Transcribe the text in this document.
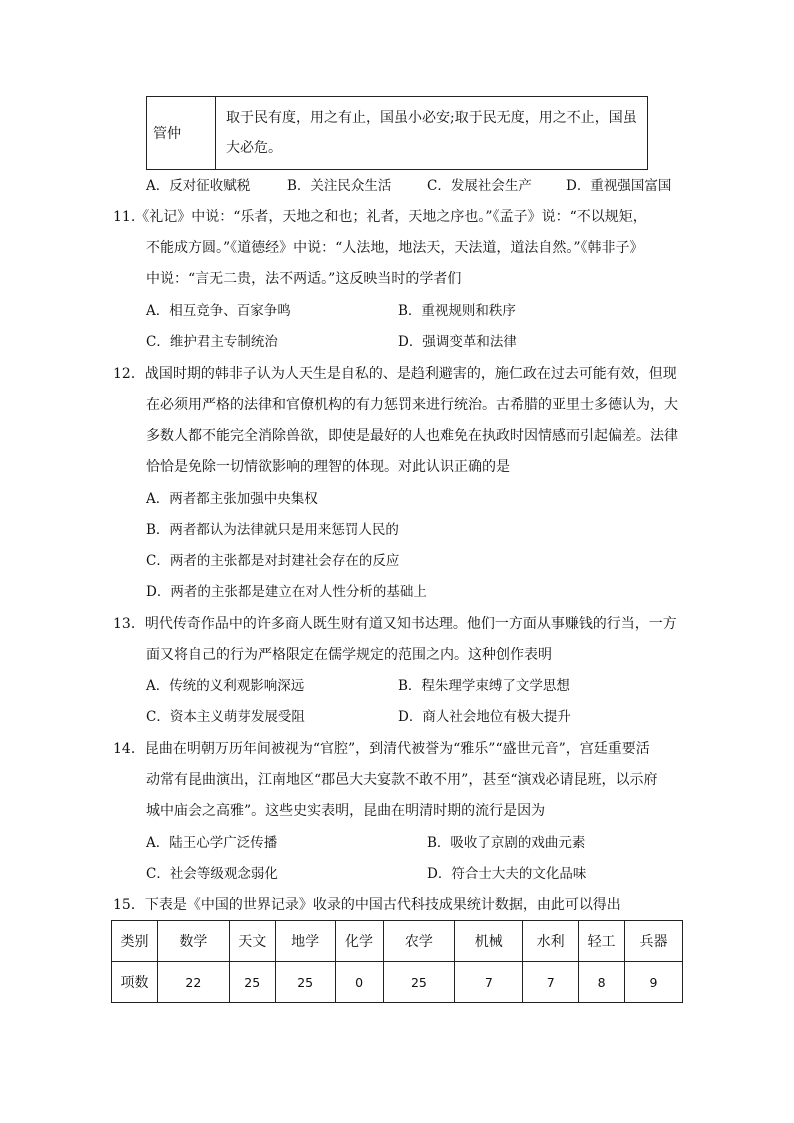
管仲	取于民有度，用之有止，国虽小必安;取于民无度，用之不止，国虽大必危。
A．反对征收赋税	B．关注民众生活	C．发展社会生产	D．重视强国富国
11.《礼记》中说：“乐者，天地之和也；礼者，天地之序也。”《孟子》说：“不以规矩，
不能成方圆。”《道德经》中说：“人法地，地法天，天法道，道法自然。”《韩非子》
中说：“言无二贵，法不两适。”这反映当时的学者们
A．相互竞争、百家争鸣	B．重视规则和秩序
C．维护君主专制统治	D．强调变革和法律
12．战国时期的韩非子认为人天生是自私的、是趋利避害的，施仁政在过去可能有效，但现
在必须用严格的法律和官僚机构的有力惩罚来进行统治。古希腊的亚里士多德认为，大
多数人都不能完全消除兽欲，即使是最好的人也难免在执政时因情感而引起偏差。法律
恰恰是免除一切情欲影响的理智的体现。对此认识正确的是
A．两者都主张加强中央集权
B．两者都认为法律就只是用来惩罚人民的
C．两者的主张都是对封建社会存在的反应
D．两者的主张都是建立在对人性分析的基础上
13．明代传奇作品中的许多商人既生财有道又知书达理。他们一方面从事赚钱的行当，一方
面又将自己的行为严格限定在儒学规定的范围之内。这种创作表明
A．传统的义利观影响深远	B．程朱理学束缚了文学思想
C．资本主义萌芽发展受阻	D．商人社会地位有极大提升
14．昆曲在明朝万历年间被视为“官腔”，到清代被誉为“雅乐”“盛世元音”，宫廷重要活
动常有昆曲演出，江南地区“郡邑大夫宴款不敢不用”，甚至“演戏必请昆班，以示府
城中庙会之高雅”。这些史实表明，昆曲在明清时期的流行是因为
A．陆王心学广泛传播	B．吸收了京剧的戏曲元素
C．社会等级观念弱化	D．符合士大夫的文化品味
15．下表是《中国的世界记录》收录的中国古代科技成果统计数据，由此可以得出
类别	数学	天文	地学	化学	农学	机械	水利	轻工	兵器
项数	22	25	25	0	25	7	7	8	9
